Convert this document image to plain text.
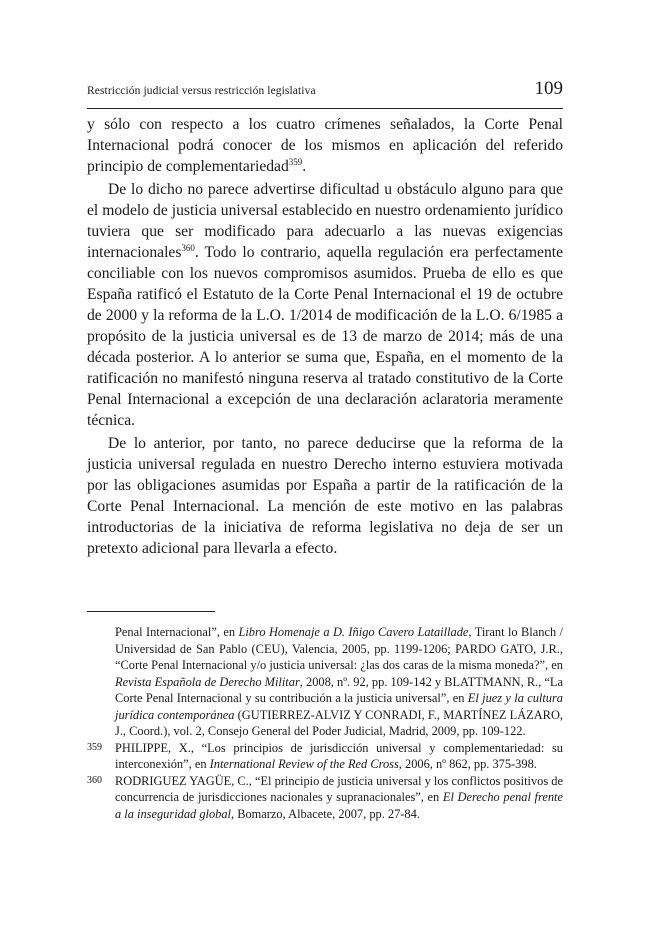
Restricción judicial versus restricción legislativa	109

y sólo con respecto a los cuatro crímenes señalados, la Corte Penal Internacional podrá conocer de los mismos en aplicación del referido principio de complementariedad$^{359}$.

De lo dicho no parece advertirse dificultad u obstáculo alguno para que el modelo de justicia universal establecido en nuestro ordenamiento jurídico tuviera que ser modificado para adecuarlo a las nuevas exigencias internacionales$^{360}$. Todo lo contrario, aquella regulación era perfectamente conciliable con los nuevos compromisos asumidos. Prueba de ello es que España ratificó el Estatuto de la Corte Penal Internacional el 19 de octubre de 2000 y la reforma de la L.O. 1/2014 de modificación de la L.O. 6/1985 a propósito de la justicia universal es de 13 de marzo de 2014; más de una década posterior. A lo anterior se suma que, España, en el momento de la ratificación no manifestó ninguna reserva al tratado constitutivo de la Corte Penal Internacional a excepción de una declaración aclaratoria meramente técnica.

De lo anterior, por tanto, no parece deducirse que la reforma de la justicia universal regulada en nuestro Derecho interno estuviera motivada por las obligaciones asumidas por España a partir de la ratificación de la Corte Penal Internacional. La mención de este motivo en las palabras introductorias de la iniciativa de reforma legislativa no deja de ser un pretexto adicional para llevarla a efecto.

Penal Internacional”, en Libro Homenaje a D. Iñigo Cavero Lataillade, Tirant lo Blanch / Universidad de San Pablo (CEU), Valencia, 2005, pp. 1199-1206; PARDO GATO, J.R., “Corte Penal Internacional y/o justicia universal: ¿las dos caras de la misma moneda?”, en Revista Española de Derecho Militar, 2008, nº. 92, pp. 109-142 y BLATTMANN, R., “La Corte Penal Internacional y su contribución a la justicia universal”, en El juez y la cultura jurídica contemporánea (GUTIERREZ-ALVIZ Y CONRADI, F., MARTÍNEZ LÁZARO, J., Coord.), vol. 2, Consejo General del Poder Judicial, Madrid, 2009, pp. 109-122.
359	PHILIPPE, X., “Los principios de jurisdicción universal y complementariedad: su interconexión”, en International Review of the Red Cross, 2006, nº 862, pp. 375-398.
360	RODRIGUEZ YAGÜE, C., “El principio de justicia universal y los conflictos positivos de concurrencia de jurisdicciones nacionales y supranacionales”, en El Derecho penal frente a la inseguridad global, Bomarzo, Albacete, 2007, pp. 27-84.
